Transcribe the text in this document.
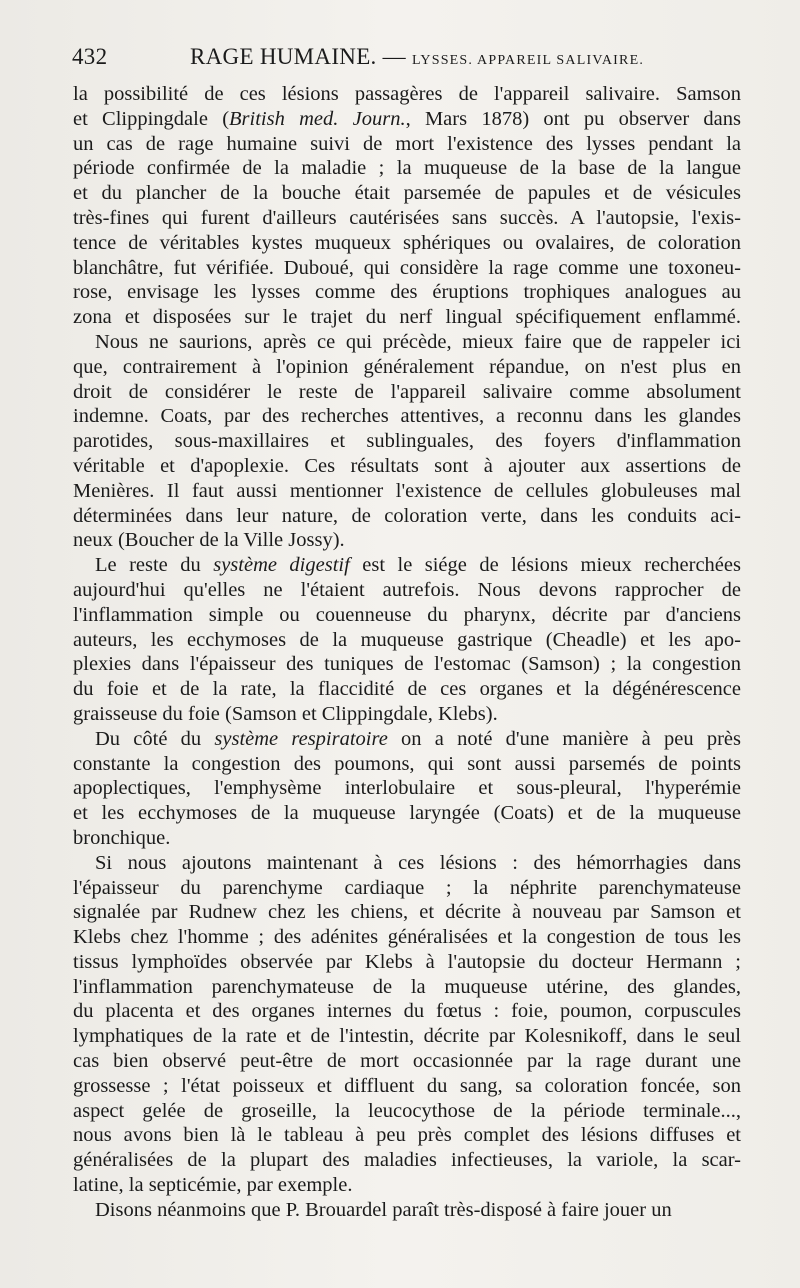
432	RAGE HUMAINE. — LYSSES. APPAREIL SALIVAIRE.
la possibilité de ces lésions passagères de l'appareil salivaire. Samson
et Clippingdale (British med. Journ., Mars 1878) ont pu observer dans
un cas de rage humaine suivi de mort l'existence des lysses pendant la
période confirmée de la maladie ; la muqueuse de la base de la langue
et du plancher de la bouche était parsemée de papules et de vésicules
très-fines qui furent d'ailleurs cautérisées sans succès. A l'autopsie, l'exis-
tence de véritables kystes muqueux sphériques ou ovalaires, de coloration
blanchâtre, fut vérifiée. Duboué, qui considère la rage comme une toxoneu-
rose, envisage les lysses comme des éruptions trophiques analogues au
zona et disposées sur le trajet du nerf lingual spécifiquement enflammé.
Nous ne saurions, après ce qui précède, mieux faire que de rappeler ici
que, contrairement à l'opinion généralement répandue, on n'est plus en
droit de considérer le reste de l'appareil salivaire comme absolument
indemne. Coats, par des recherches attentives, a reconnu dans les glandes
parotides, sous-maxillaires et sublinguales, des foyers d'inflammation
véritable et d'apoplexie. Ces résultats sont à ajouter aux assertions de
Menières. Il faut aussi mentionner l'existence de cellules globuleuses mal
déterminées dans leur nature, de coloration verte, dans les conduits aci-
neux (Boucher de la Ville Jossy).
Le reste du système digestif est le siége de lésions mieux recherchées
aujourd'hui qu'elles ne l'étaient autrefois. Nous devons rapprocher de
l'inflammation simple ou couenneuse du pharynx, décrite par d'anciens
auteurs, les ecchymoses de la muqueuse gastrique (Cheadle) et les apo-
plexies dans l'épaisseur des tuniques de l'estomac (Samson) ; la congestion
du foie et de la rate, la flaccidité de ces organes et la dégénérescence
graisseuse du foie (Samson et Clippingdale, Klebs).
Du côté du système respiratoire on a noté d'une manière à peu près
constante la congestion des poumons, qui sont aussi parsemés de points
apoplectiques, l'emphysème interlobulaire et sous-pleural, l'hyperémie
et les ecchymoses de la muqueuse laryngée (Coats) et de la muqueuse
bronchique.
Si nous ajoutons maintenant à ces lésions : des hémorrhagies dans
l'épaisseur du parenchyme cardiaque ; la néphrite parenchymateuse
signalée par Rudnew chez les chiens, et décrite à nouveau par Samson et
Klebs chez l'homme ; des adénites généralisées et la congestion de tous les
tissus lymphoïdes observée par Klebs à l'autopsie du docteur Hermann ;
l'inflammation parenchymateuse de la muqueuse utérine, des glandes,
du placenta et des organes internes du fœtus : foie, poumon, corpuscules
lymphatiques de la rate et de l'intestin, décrite par Kolesnikoff, dans le seul
cas bien observé peut-être de mort occasionnée par la rage durant une
grossesse ; l'état poisseux et diffluent du sang, sa coloration foncée, son
aspect gelée de groseille, la leucocythose de la période terminale...,
nous avons bien là le tableau à peu près complet des lésions diffuses et
généralisées de la plupart des maladies infectieuses, la variole, la scar-
latine, la septicémie, par exemple.
Disons néanmoins que P. Brouardel paraît très-disposé à faire jouer un
